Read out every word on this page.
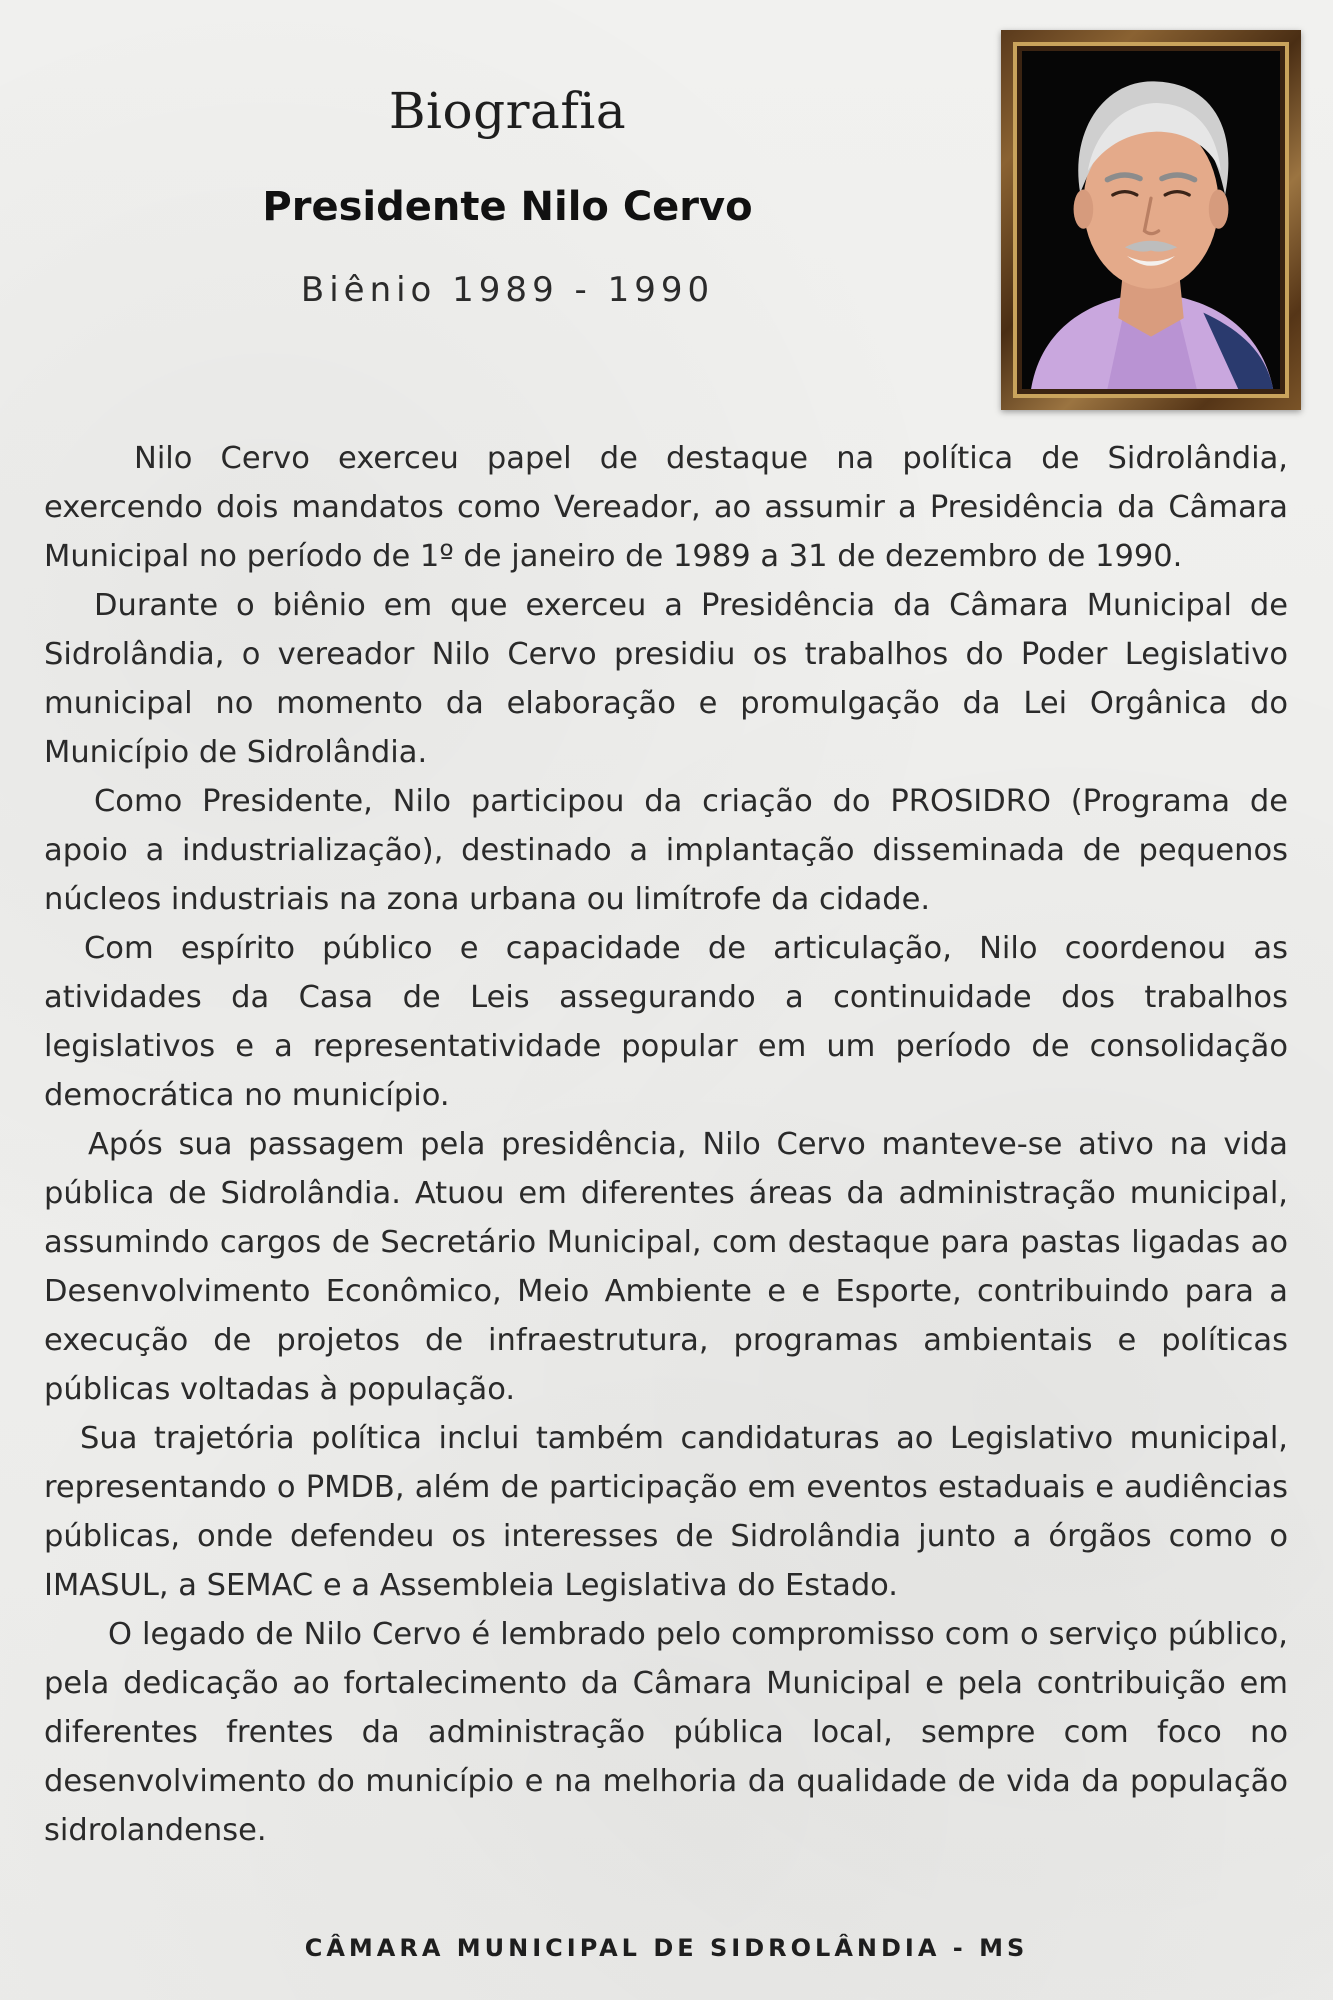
Biografia
Presidente Nilo Cervo
Biênio 1989 - 1990

Nilo Cervo exerceu papel de destaque na política de Sidrolândia, exercendo dois mandatos como Vereador, ao assumir a Presidência da Câmara Municipal no período de 1º de janeiro de 1989 a 31 de dezembro de 1990.

Durante o biênio em que exerceu a Presidência da Câmara Municipal de Sidrolândia, o vereador Nilo Cervo presidiu os trabalhos do Poder Legislativo municipal no momento da elaboração e promulgação da Lei Orgânica do Município de Sidrolândia.

Como Presidente, Nilo participou da criação do PROSIDRO (Programa de apoio a industrialização), destinado a implantação disseminada de pequenos núcleos industriais na zona urbana ou limítrofe da cidade.

Com espírito público e capacidade de articulação, Nilo coordenou as atividades da Casa de Leis assegurando a continuidade dos trabalhos legislativos e a representatividade popular em um período de consolidação democrática no município.

Após sua passagem pela presidência, Nilo Cervo manteve-se ativo na vida pública de Sidrolândia. Atuou em diferentes áreas da administração municipal, assumindo cargos de Secretário Municipal, com destaque para pastas ligadas ao Desenvolvimento Econômico, Meio Ambiente e e Esporte, contribuindo para a execução de projetos de infraestrutura, programas ambientais e políticas públicas voltadas à população.

Sua trajetória política inclui também candidaturas ao Legislativo municipal, representando o PMDB, além de participação em eventos estaduais e audiências públicas, onde defendeu os interesses de Sidrolândia junto a órgãos como o IMASUL, a SEMAC e a Assembleia Legislativa do Estado.

O legado de Nilo Cervo é lembrado pelo compromisso com o serviço público, pela dedicação ao fortalecimento da Câmara Municipal e pela contribuição em diferentes frentes da administração pública local, sempre com foco no desenvolvimento do município e na melhoria da qualidade de vida da população sidrolandense.

CÂMARA MUNICIPAL DE SIDROLÂNDIA - MS
